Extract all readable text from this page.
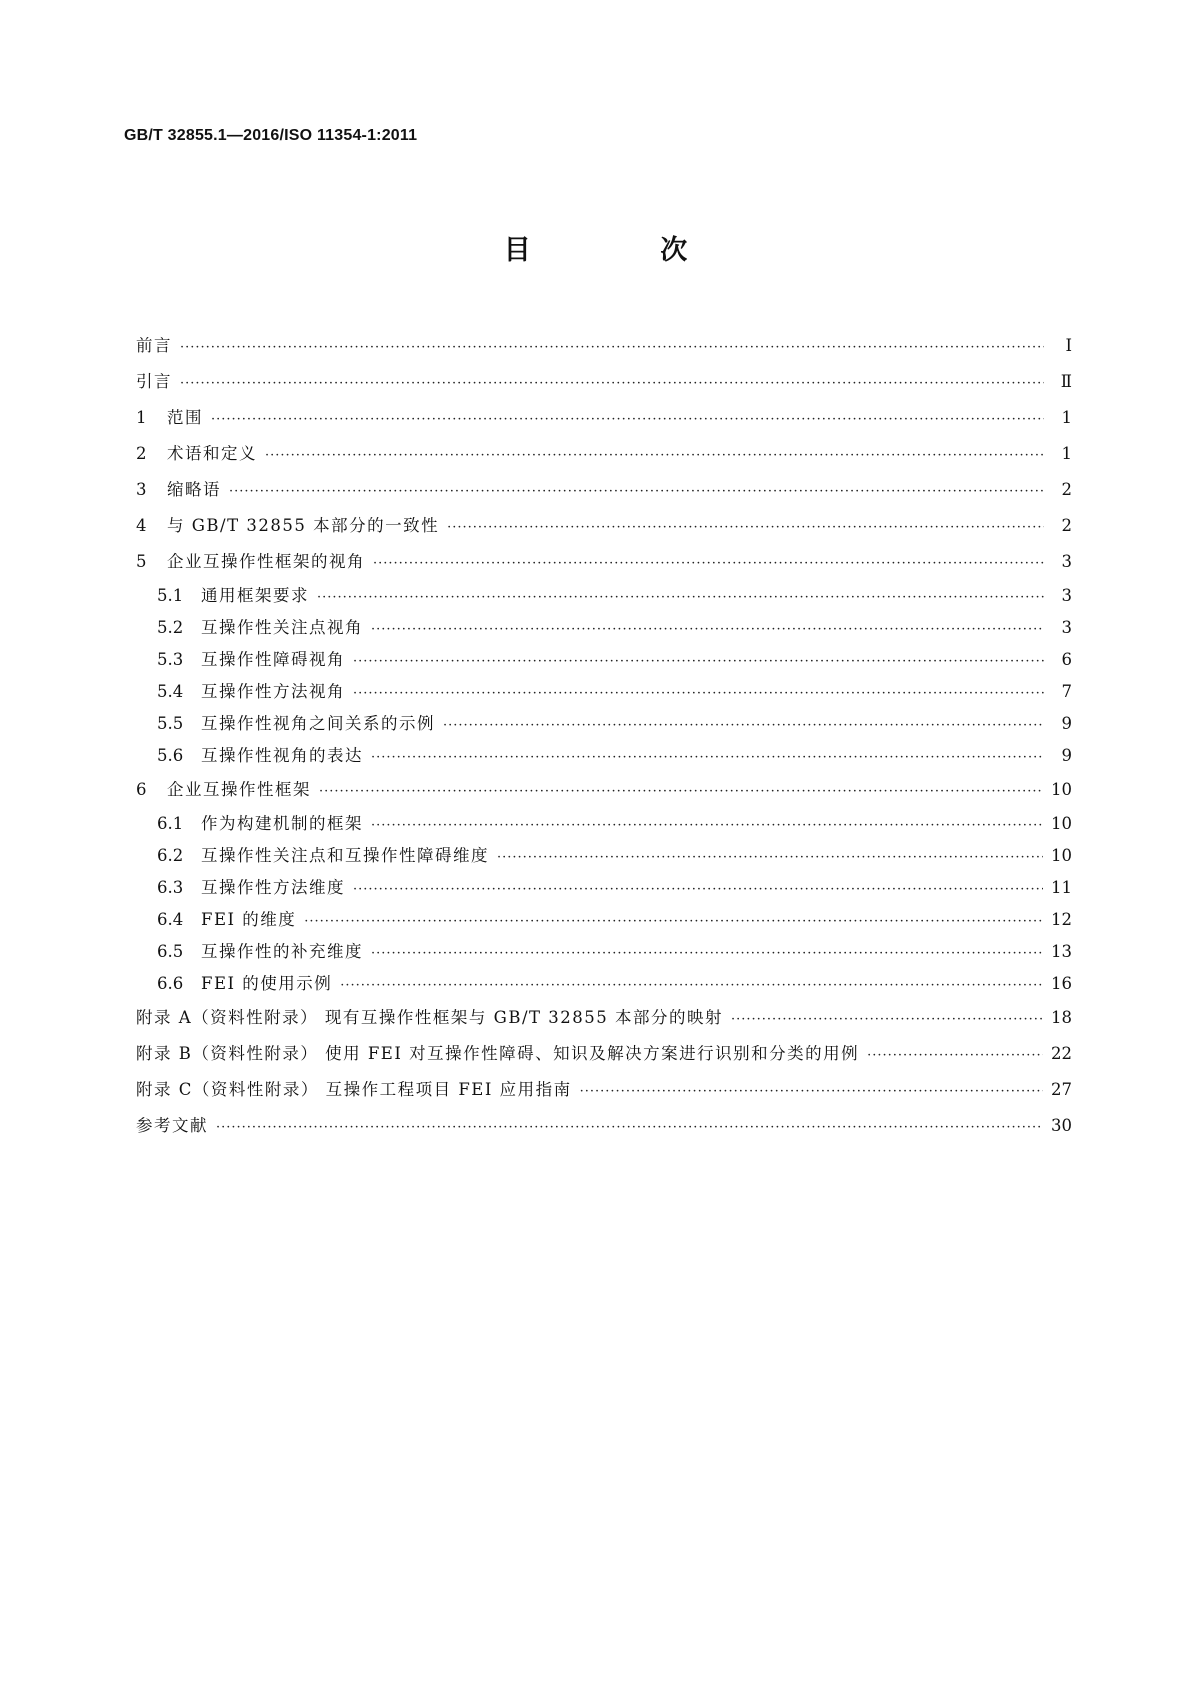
GB/T 32855.1—2016/ISO 11354-1:2011
目 次
前言 ·····	Ⅰ
引言 ·····	Ⅱ
1	范围 ·····	1
2	术语和定义 ·····	1
3	缩略语 ·····	2
4	与 GB/T 32855 本部分的一致性 ·····	2
5	企业互操作性框架的视角 ·····	3
5.1	通用框架要求 ·····	3
5.2	互操作性关注点视角 ·····	3
5.3	互操作性障碍视角 ·····	6
5.4	互操作性方法视角 ·····	7
5.5	互操作性视角之间关系的示例 ·····	9
5.6	互操作性视角的表达 ·····	9
6	企业互操作性框架 ·····	10
6.1	作为构建机制的框架 ·····	10
6.2	互操作性关注点和互操作性障碍维度 ·····	10
6.3	互操作性方法维度 ·····	11
6.4	FEI 的维度 ·····	12
6.5	互操作性的补充维度 ·····	13
6.6	FEI 的使用示例 ·····	16
附录 A（资料性附录） 现有互操作性框架与 GB/T 32855 本部分的映射 ·····	18
附录 B（资料性附录） 使用 FEI 对互操作性障碍、知识及解决方案进行识别和分类的用例 ·····	22
附录 C（资料性附录） 互操作工程项目 FEI 应用指南 ·····	27
参考文献 ·····	30
